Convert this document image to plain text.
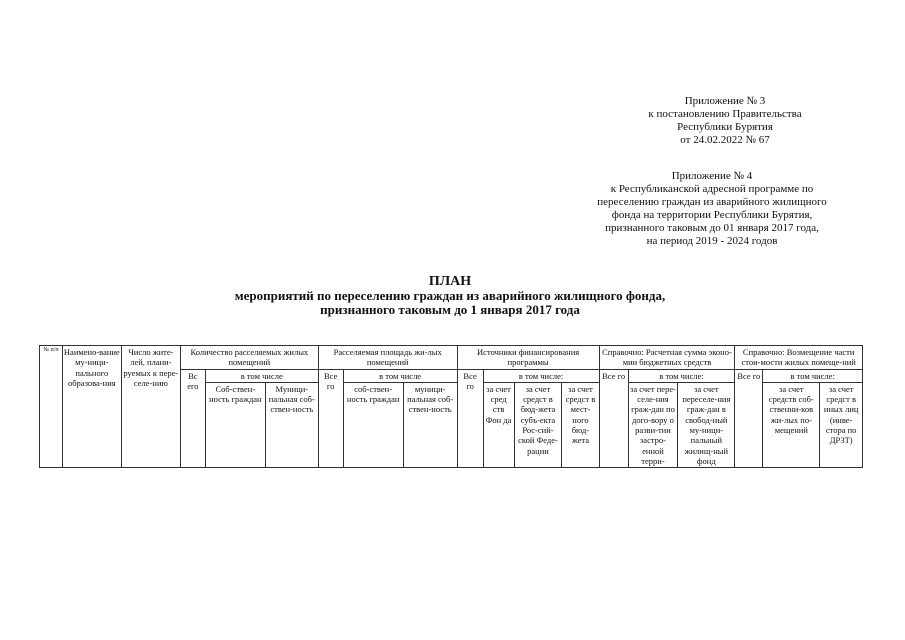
Приложение № 3
к постановлению Правительства
Республики Бурятия
от 24.02.2022 № 67
Приложение № 4
к Республиканской адресной программе по
переселению граждан из аварийного жилищного
фонда на территории Республики Бурятия,
признанного таковым до 01 января 2017 года,
на период 2019 - 2024 годов
ПЛАН
мероприятий по переселению граждан из аварийного жилищного фонда,
признанного таковым до 1 января 2017 года
№ п/п	Наимено-вание му-ници-пального образова-ния	Число жите-лей, плани-руемых к пере-селе-нию	Количество расселяемых жилых помещений			Расселяемая площадь жи-лых помещений			Источники финансирования программы				Справочно: Расчетная сумма эконо-мии бюджетных средств			Справочно: Возмещение части стои-мости жилых помеще-ний		
			Вс его	в том числе		Все го	в том числе		Все го	в том числе:			Все го	в том числе:		Все го	в том числе:	
				Соб-ствен-ность граждан	Муници-пальная соб-ствен-ность		соб-ствен-ность граждан	муници-пальная соб-ствен-ность		за счет сред ств Фон да	за счет средст в бюд-жета субъ-екта Рос-сий-ской Феде-рации	за счет средст в мест-ного бюд-жета		за счет пере-селе-ния граж-дан по дого-вору о разви-тии застро-енной терри-	за счет переселе-ния граж-дан в свобод-ный му-ници-пальный жилищ-ный фонд		за счет средств соб-ственни-ков жи-лых по-мещений	за счет средст в иных лиц (инве-стора по ДРЗТ)
